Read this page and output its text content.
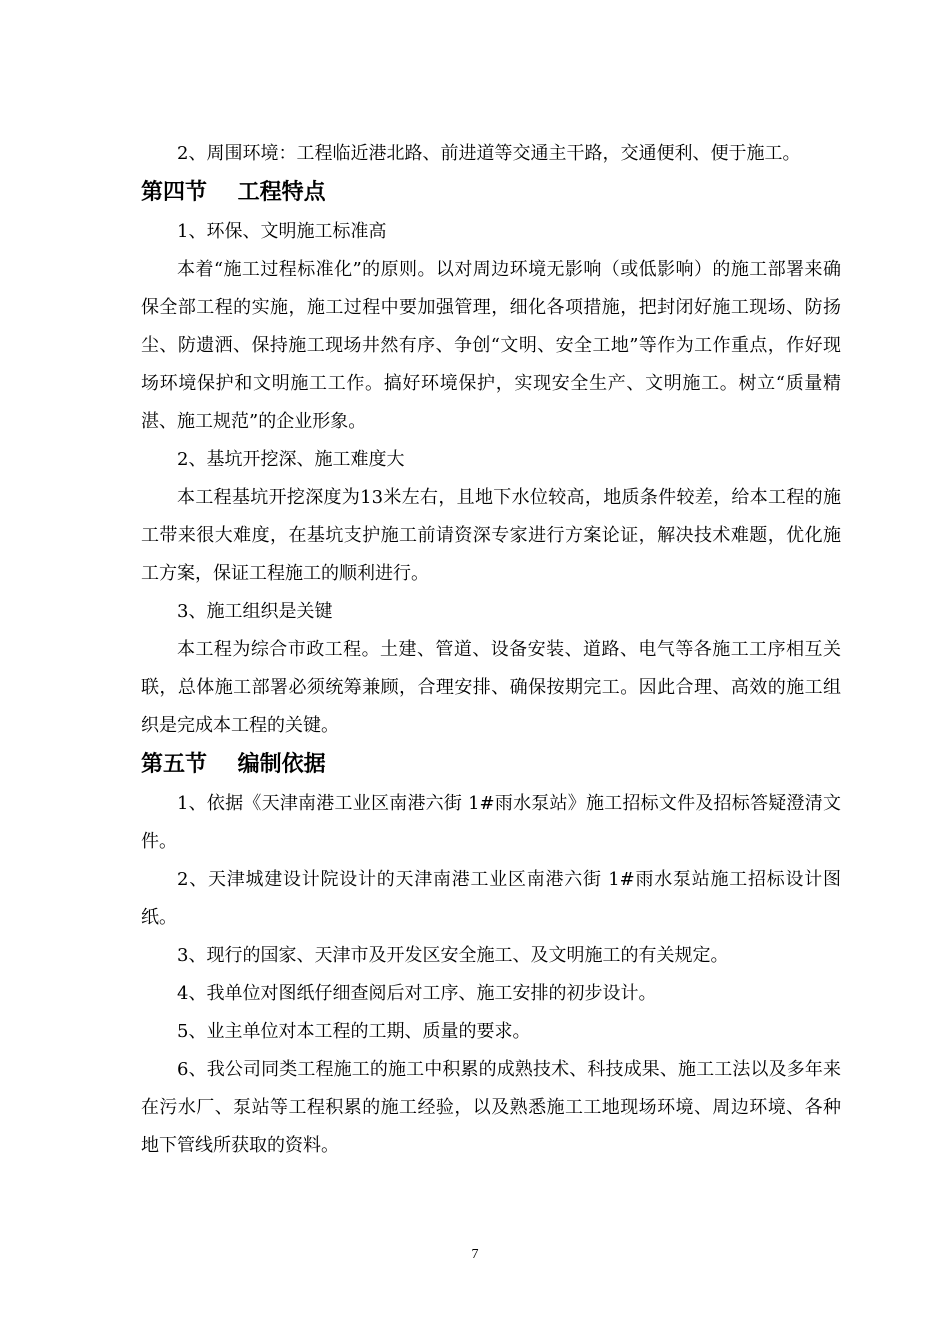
2、周围环境：工程临近港北路、前进道等交通主干路，交通便利、便于施工。

第四节    工程特点

1、环保、文明施工标准高

本着“施工过程标准化”的原则。以对周边环境无影响（或低影响）的施工部署来确保全部工程的实施，施工过程中要加强管理，细化各项措施，把封闭好施工现场、防扬尘、防遗洒、保持施工现场井然有序、争创“文明、安全工地”等作为工作重点，作好现场环境保护和文明施工工作。搞好环境保护，实现安全生产、文明施工。树立“质量精湛、施工规范”的企业形象。

2、基坑开挖深、施工难度大

本工程基坑开挖深度为13米左右，且地下水位较高，地质条件较差，给本工程的施工带来很大难度，在基坑支护施工前请资深专家进行方案论证，解决技术难题，优化施工方案，保证工程施工的顺利进行。

3、施工组织是关键

本工程为综合市政工程。土建、管道、设备安装、道路、电气等各施工工序相互关联，总体施工部署必须统筹兼顾，合理安排、确保按期完工。因此合理、高效的施工组织是完成本工程的关键。

第五节    编制依据

1、依据《天津南港工业区南港六街 1#雨水泵站》施工招标文件及招标答疑澄清文件。

2、天津城建设计院设计的天津南港工业区南港六街 1#雨水泵站施工招标设计图纸。

3、现行的国家、天津市及开发区安全施工、及文明施工的有关规定。

4、我单位对图纸仔细查阅后对工序、施工安排的初步设计。

5、业主单位对本工程的工期、质量的要求。

6、我公司同类工程施工的施工中积累的成熟技术、科技成果、施工工法以及多年来在污水厂、泵站等工程积累的施工经验，以及熟悉施工工地现场环境、周边环境、各种地下管线所获取的资料。

7
